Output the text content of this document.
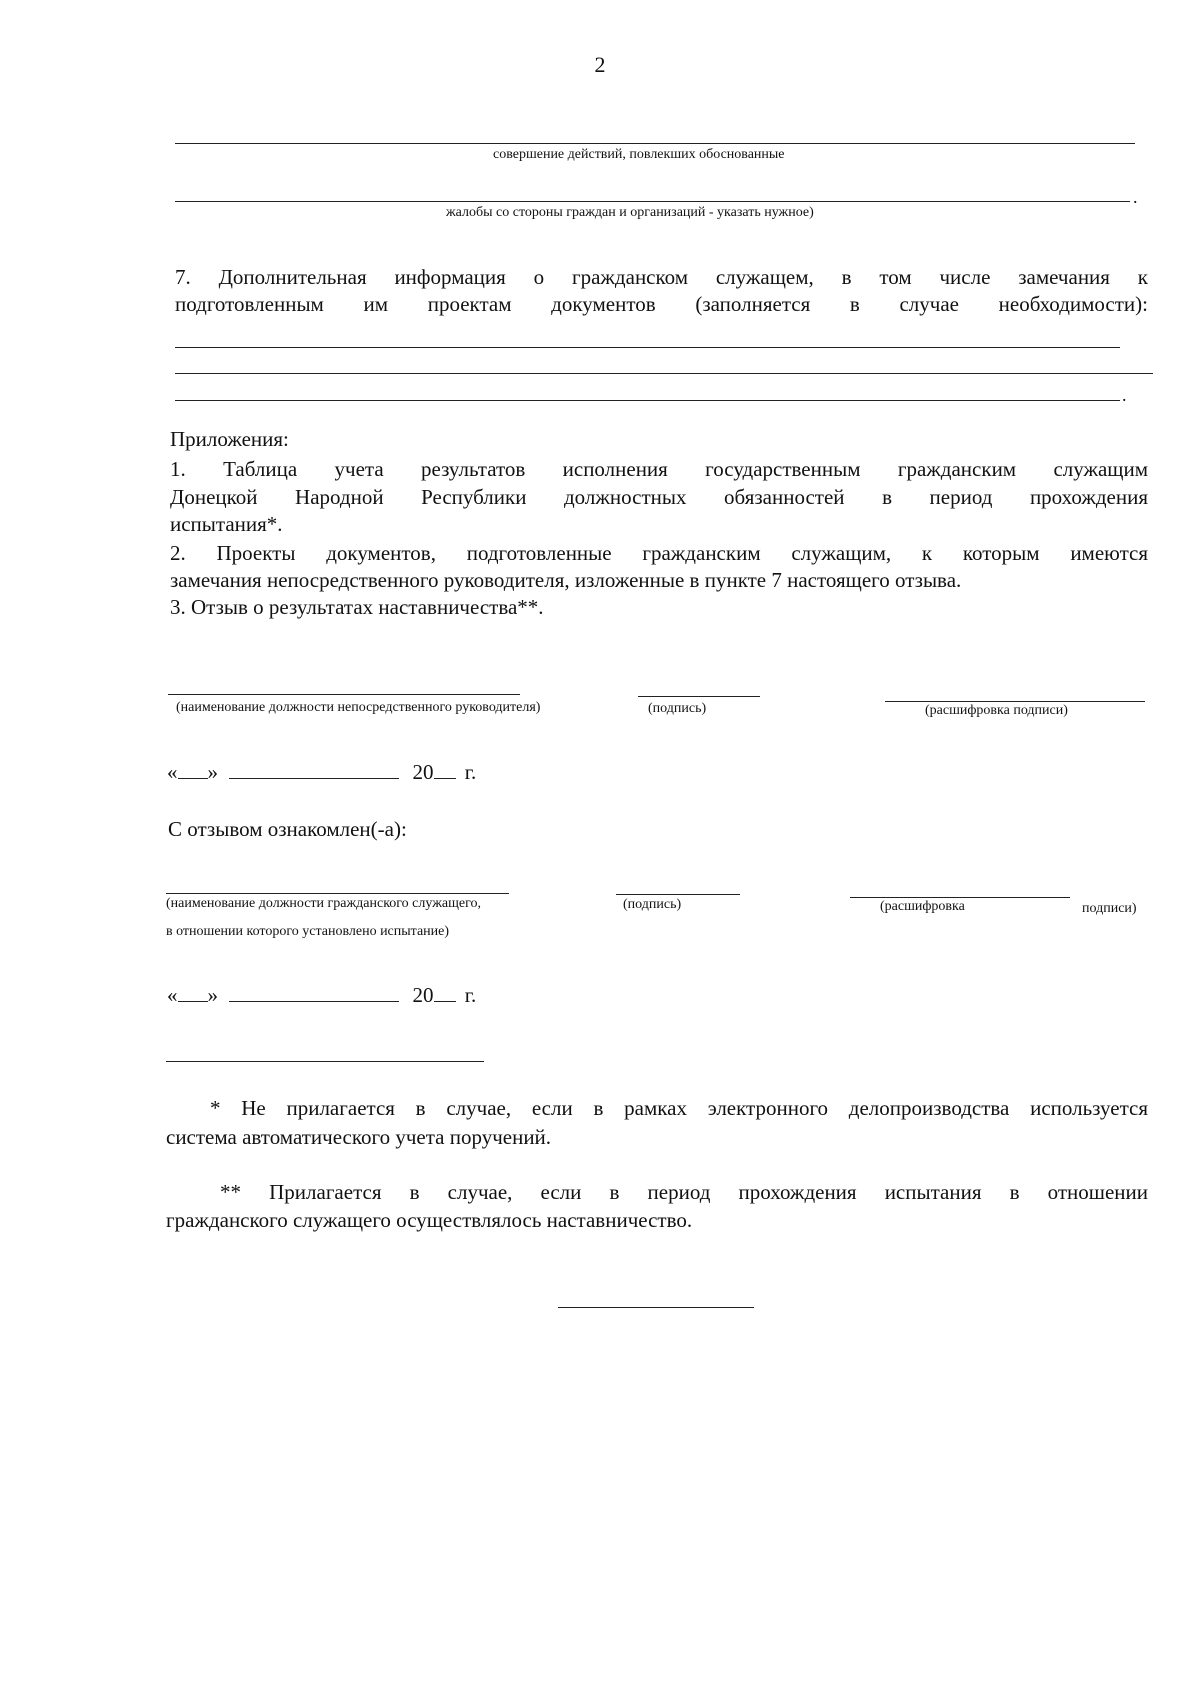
2
совершение действий, повлекших обоснованные
.
жалобы со стороны граждан и организаций - указать нужное)
7. Дополнительная информация о гражданском служащем, в том числе замечания к
подготовленным им проектам документов (заполняется в случае необходимости):
.
Приложения:
1. Таблица учета результатов исполнения государственным гражданским служащим
Донецкой Народной Республики должностных обязанностей в период прохождения
испытания*.
2. Проекты документов, подготовленные гражданским служащим, к которым имеются
замечания непосредственного руководителя, изложенные в пункте 7 настоящего отзыва.
3. Отзыв о результатах наставничества**.
(наименование должности непосредственного руководителя)	(подпись)	(расшифровка подписи)
« »	20 г.
С отзывом ознакомлен(-а):
(наименование должности гражданского служащего,
в отношении которого установлено испытание)
(подпись)	(расшифровка	подписи)
« »	20 г.
* Не прилагается в случае, если в рамках электронного делопроизводства используется
система автоматического учета поручений.
** Прилагается в случае, если в период прохождения испытания в отношении
гражданского служащего осуществлялось наставничество.
